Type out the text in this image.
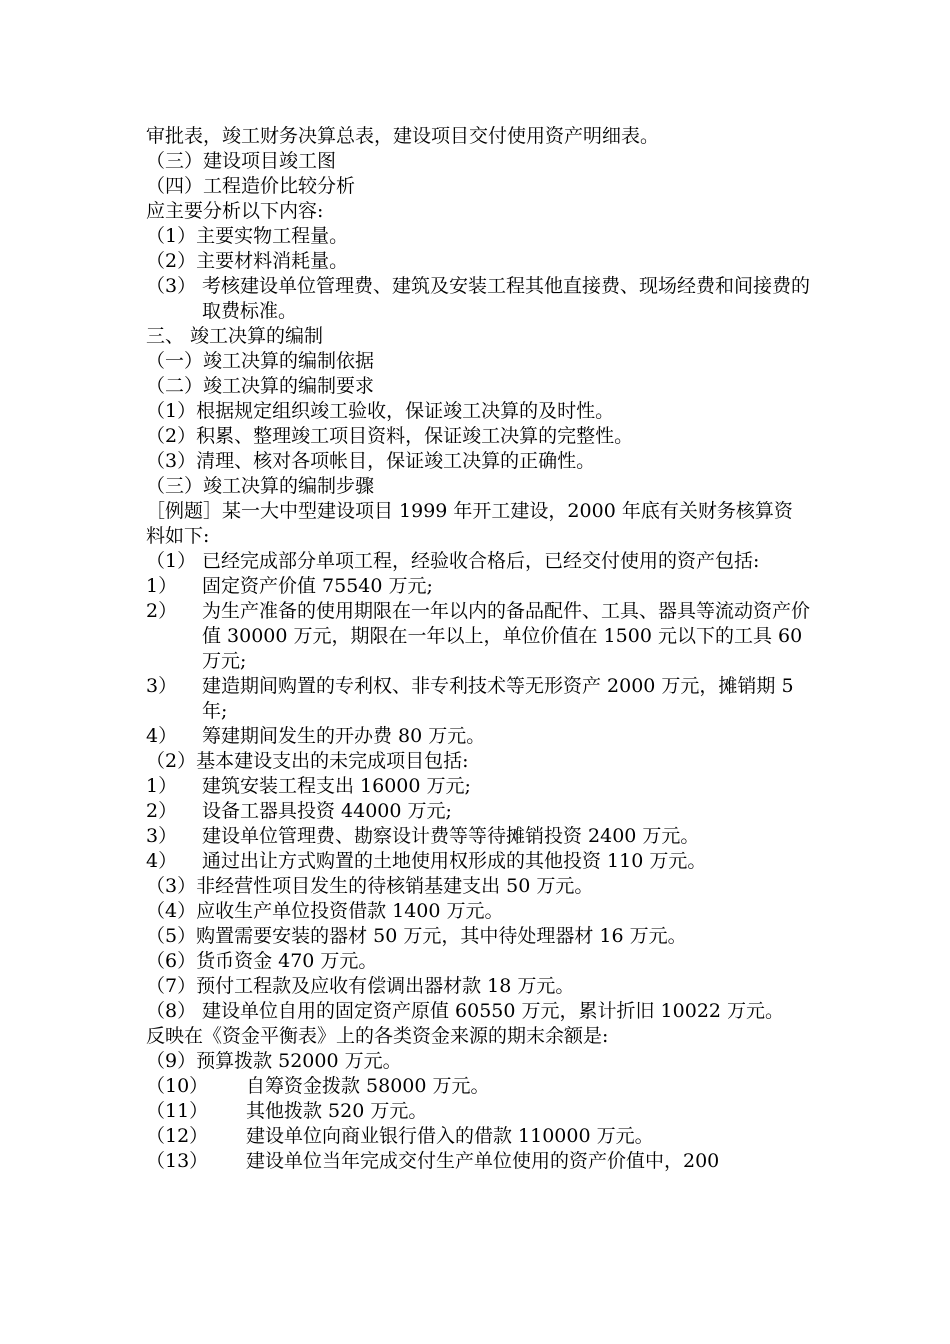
审批表，竣工财务决算总表，建设项目交付使用资产明细表。
（三）建设项目竣工图
（四）工程造价比较分析
应主要分析以下内容:
（1）主要实物工程量。
（2）主要材料消耗量。
（3） 考核建设单位管理费、建筑及安装工程其他直接费、现场经费和间接费的取费标准。
三、 竣工决算的编制
（一）竣工决算的编制依据
（二）竣工决算的编制要求
（1）根据规定组织竣工验收，保证竣工决算的及时性。
（2）积累、整理竣工项目资料，保证竣工决算的完整性。
（3）清理、核对各项帐目，保证竣工决算的正确性。
（三）竣工决算的编制步骤
［例题］某一大中型建设项目 1999 年开工建设，2000 年底有关财务核算资料如下:
（1） 已经完成部分单项工程，经验收合格后，已经交付使用的资产包括:
1）	固定资产价值 75540 万元;
2）	为生产准备的使用期限在一年以内的备品配件、工具、器具等流动资产价值 30000 万元，期限在一年以上，单位价值在 1500 元以下的工具 60 万元;
3）	建造期间购置的专利权、非专利技术等无形资产 2000 万元，摊销期 5 年;
4）	筹建期间发生的开办费 80 万元。
（2）基本建设支出的未完成项目包括:
1）	建筑安装工程支出 16000 万元;
2）	设备工器具投资 44000 万元;
3）	建设单位管理费、勘察设计费等等待摊销投资 2400 万元。
4）	通过出让方式购置的土地使用权形成的其他投资 110 万元。
（3）非经营性项目发生的待核销基建支出 50 万元。
（4）应收生产单位投资借款 1400 万元。
（5）购置需要安装的器材 50 万元，其中待处理器材 16 万元。
（6）货币资金 470 万元。
（7）预付工程款及应收有偿调出器材款 18 万元。
（8） 建设单位自用的固定资产原值 60550 万元，累计折旧 10022 万元。
反映在《资金平衡表》上的各类资金来源的期末余额是:
（9）预算拨款 52000 万元。
（10）	自筹资金拨款 58000 万元。
（11）	其他拨款 520 万元。
（12）	建设单位向商业银行借入的借款 110000 万元。
（13）	建设单位当年完成交付生产单位使用的资产价值中，200
